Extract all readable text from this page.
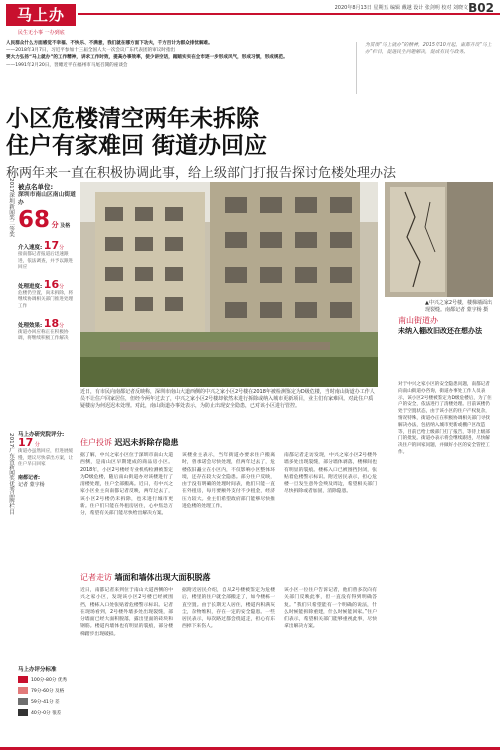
马上办
民生无小事 一办到底
2020年8月13日 星期五 编辑 戴越 设计 张剑明 校对 刘晓文 B02
人民群众什么方面感觉不幸福、不快乐、不满意，我们就在哪方面下功夫，千方百计为群众排忧解难。
——2018年3月7日，习近平参加十三届全国人大一次会议广东代表团的审议时指出
要大力弘扬“马上就办”的工作精神，讲求工作时效，提高办事效率，使少讲空话，踏踏实实在全市逐一步形成风气，形成习惯，形成规范。
——1991年2月20日，習總近平在福州市马尾召開的座谈会
为贯彻“马上就办”的精神，2015年10月起，南都开设“马上办”栏目，促进民生问题解决，促成有民与政务。
小区危楼清空两年未拆除
住户有家难回 街道办回应
称两年来一直在积极协调此事，给上级部门打报告探讨危楼处理办法
2017深圳新闻奖二等奖
2017广东省新闻奖优秀品牌栏目
被点名单位:
深圳市南山区南山街道办
68 分 及格
介入速度: 17分
接南都记者报道后迅速跟进，依法调查，并予以跟进回应
处理进度: 16分
危楼仍空置，尚未拆除，将继续协调相关部门推进处理工作
处理效果: 18分
街道办回应称正在积极协调，将继续积极工作解决
近日，有市民向南都记者反映称，深圳市南山大道西侧的中兴之家小区2号楼在2018年被检测鉴定为D级危楼，当时南山街道办工作人员不让住户回家居住，但经今两年过去了，中兴之家小区2号楼却依然未进行拆除或纳入城市更新项目，业主们有家难回。对此住户质疑楼房为何迟迟未处理。对此，南山街道办事处表示，为防止出现安全隐患，已对该小区进行管控。
▲中兴之家2号楼，楼梯墙面出现裂缝。南都记者 蒙宇杨 摄
南山街道办
未纳入棚改旧改还在想办法
对于中兴之家小区的安全隐患问题，南都记者向南山街道办咨询，街道办事处工作人员表示，该小区2号楼被鉴定为D级危楼后，为了住户的安全，依法进行了清楼处理。目前该楼仍处于空置状态，由于该小区的住户产权复杂，情况特殊，街道办正在积极协调相关部门寻找解决办法，包括纳入城市更新或棚户区改造等，目前已给上级部门打了报告，等待上级部门的批复。街道办表示将会继续跟进，尽快解决住户的回家问题，并做好小区的安全管控工作。
住户投诉 迟迟未拆除存隐患
据了解，中兴之家小区位于深圳市南山大道西侧，是南山区早期建成的商品房小区。2018年，小区2号楼经专业机构检测被鉴定为D级危楼，随后南山街道办对该楼进行了清楼处理，住户全部搬离。近日，有中兴之家小区业主向南都记者反映，两年过去了，该小区2号楼仍未拆除，也未进行城市更新。住户们只能在外租房居住，心中焦急万分，希望有关部门能尽快给出解决方案。
该楼业主表示，当年街道办要求住户搬离时，曾承诺会尽快处理，但两年过去了，危楼依旧矗立在小区内，不仅影响小区整体环境，还存在较大安全隐患。部分住户反映，由于没有明确的处理时间表，他们只能一直在外租房，每月要额外支付不少租金，经济压力较大。业主们希望政府部门能够尽快推进危楼的处理工作。
南都记者走访发现，中兴之家小区2号楼外墙多处出现裂缝，部分墙体剥落，楼梯间也有明显的裂痕。楼栋入口已被围挡封闭，张贴着危楼警示标识。附近居民表示，担心危楼一旦发生意外会殃及周边，希望相关部门尽快拆除或者加固，消除隐患。
记者走访 墙面和墙体出现大面积脱落
近日，南都记者来到位于南山大道西侧的中兴之家小区，发现该小区2号楼已经被围挡，楼栋入口处张贴着危楼警示标识。记者在现场看到，2号楼外墙多处出现裂缝，部分墙面已经大面积脱落，露出里面的砖块和钢筋。楼道内墙体也有明显的裂痕，部分楼梯踏步出现破损。
据附近居民介绍，自从2号楼被鉴定为危楼后，楼里的住户就全部搬走了，如今楼栋一直空置。由于长期无人居住，楼道内积满灰尘，杂物堆积，存在一定的安全隐患。一些居民表示，每次路过都会绕道走，担心有东西掉下来伤人。
该小区一位住户告诉记者，他们曾多次向有关部门反映此事，但一直没有得到明确答复。“我们只希望能有一个明确的说法，什么时候能拆除重建，什么时候能回家。”住户们表示，希望相关部门能够重视此事，尽快拿出解决方案。
马上办研究院评分:
17 分
街道办虽然回应，但进展缓慢，建议尽快拿出方案，让住户早日回家
南都记者:
记者 蒙宇杨
马上办评分标准
100分-80分 优秀
79分-60分 及格
59分-41分 差
40分-0分 很差
